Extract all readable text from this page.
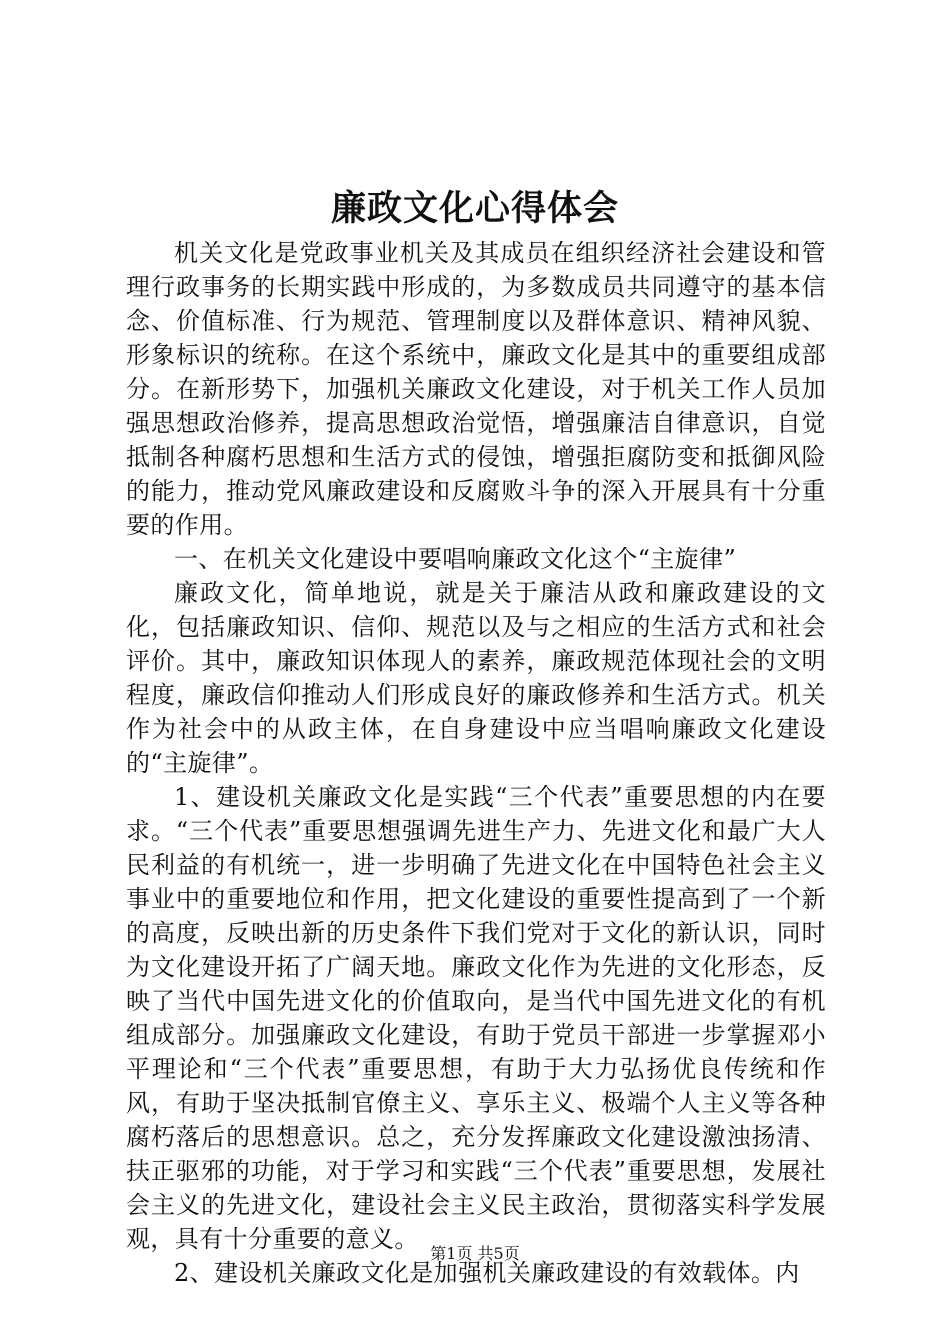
廉政文化心得体会

机关文化是党政事业机关及其成员在组织经济社会建设和管理行政事务的长期实践中形成的，为多数成员共同遵守的基本信念、价值标准、行为规范、管理制度以及群体意识、精神风貌、形象标识的统称。在这个系统中，廉政文化是其中的重要组成部分。在新形势下，加强机关廉政文化建设，对于机关工作人员加强思想政治修养，提高思想政治觉悟，增强廉洁自律意识，自觉抵制各种腐朽思想和生活方式的侵蚀，增强拒腐防变和抵御风险的能力，推动党风廉政建设和反腐败斗争的深入开展具有十分重要的作用。

一、在机关文化建设中要唱响廉政文化这个“主旋律”

廉政文化，简单地说，就是关于廉洁从政和廉政建设的文化，包括廉政知识、信仰、规范以及与之相应的生活方式和社会评价。其中，廉政知识体现人的素养，廉政规范体现社会的文明程度，廉政信仰推动人们形成良好的廉政修养和生活方式。机关作为社会中的从政主体，在自身建设中应当唱响廉政文化建设的“主旋律”。

1、建设机关廉政文化是实践“三个代表”重要思想的内在要求。“三个代表”重要思想强调先进生产力、先进文化和最广大人民利益的有机统一，进一步明确了先进文化在中国特色社会主义事业中的重要地位和作用，把文化建设的重要性提高到了一个新的高度，反映出新的历史条件下我们党对于文化的新认识，同时为文化建设开拓了广阔天地。廉政文化作为先进的文化形态，反映了当代中国先进文化的价值取向，是当代中国先进文化的有机组成部分。加强廉政文化建设，有助于党员干部进一步掌握邓小平理论和“三个代表”重要思想，有助于大力弘扬优良传统和作风，有助于坚决抵制官僚主义、享乐主义、极端个人主义等各种腐朽落后的思想意识。总之，充分发挥廉政文化建设激浊扬清、扶正驱邪的功能，对于学习和实践“三个代表”重要思想，发展社会主义的先进文化，建设社会主义民主政治，贯彻落实科学发展观，具有十分重要的意义。

2、建设机关廉政文化是加强机关廉政建设的有效载体。内

第1页 共5页
